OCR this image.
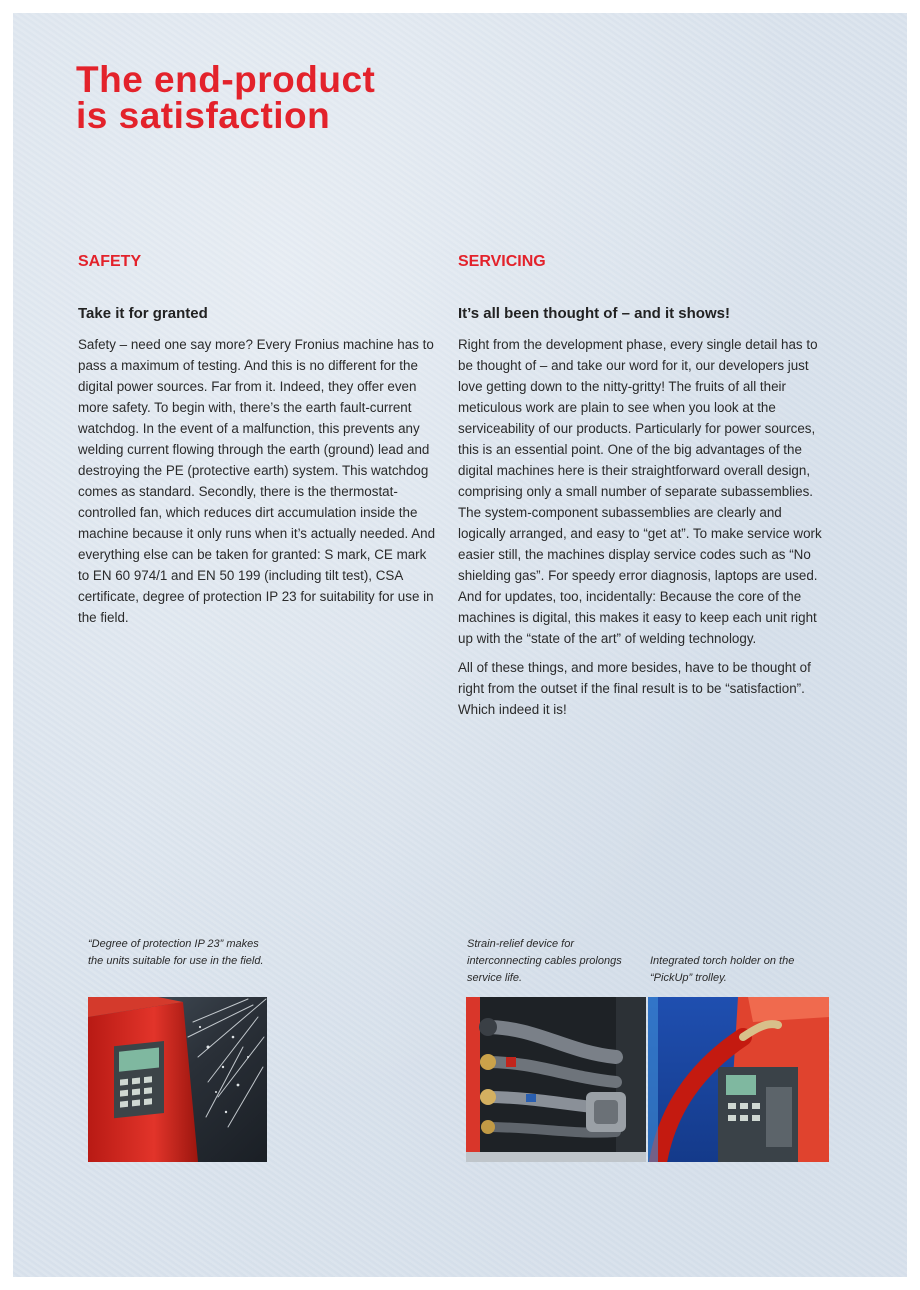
The end-product
is satisfaction
SAFETY
Take it for granted

Safety – need one say more? Every Fronius machine has to pass a maximum of testing. And this is no different for the digital power sources. Far from it. Indeed, they offer even more safety. To begin with, there’s the earth fault-current watchdog. In the event of a malfunction, this prevents any welding current flowing through the earth (ground) lead and destroying the PE (protective earth) system. This watchdog comes as standard. Secondly, there is the thermostat-controlled fan, which reduces dirt accumulation inside the machine because it only runs when it’s actually needed. And everything else can be taken for granted: S mark, CE mark to EN 60 974/1 and EN 50 199 (including tilt test), CSA certificate, degree of protection IP 23 for suitability for use in the field.

SERVICING
It’s all been thought of – and it shows!

Right from the development phase, every single detail has to be thought of – and take our word for it, our developers just love getting down to the nitty-gritty! The fruits of all their meticulous work are plain to see when you look at the serviceability of our products. Particularly for power sources, this is an essential point. One of the big advantages of the digital machines here is their straightforward overall design, comprising only a small number of separate subassemblies. The system-component subassemblies are clearly and logically arranged, and easy to “get at”. To make service work easier still, the machines display service codes such as “No shielding gas”. For speedy error diagnosis, laptops are used. And for updates, too, incidentally: Because the core of the machines is digital, this makes it easy to keep each unit right up with the “state of the art” of welding technology.

All of these things, and more besides, have to be thought of right from the outset if the final result is to be “satisfaction”. Which indeed it is!

“Degree of protection IP 23” makes the units suitable for use in the field.

Strain-relief device for interconnecting cables prolongs service life.

Integrated torch holder on the “PickUp” trolley.
